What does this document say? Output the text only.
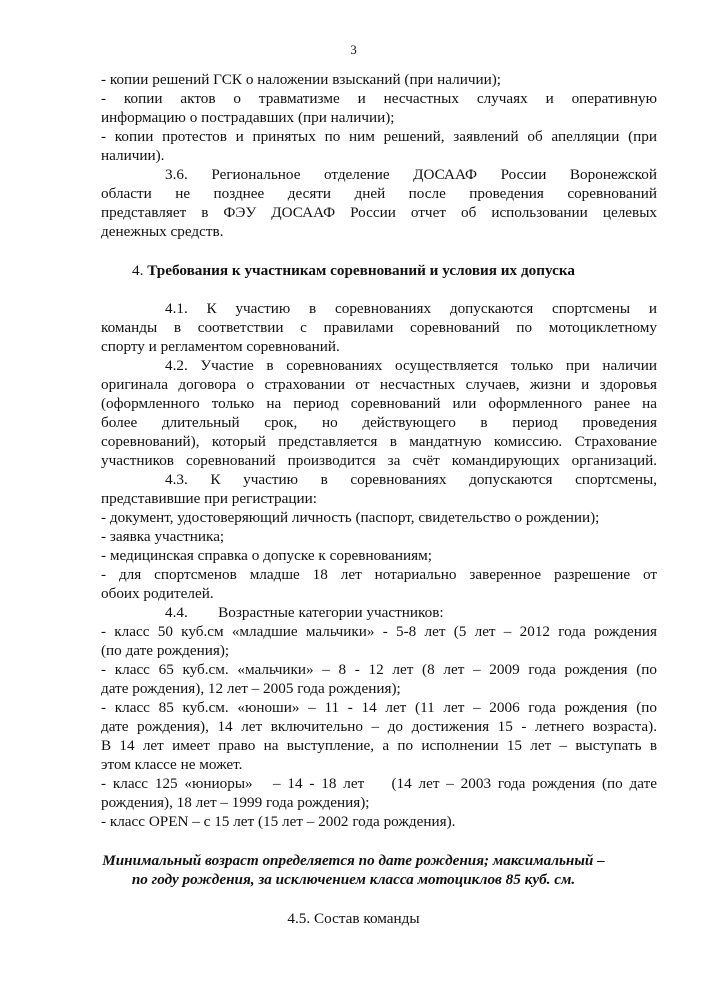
3
- копии решений ГСК о наложении взысканий (при наличии);
- копии актов о травматизме и несчастных случаях и оперативную
информацию о пострадавших (при наличии);
- копии протестов и принятых по ним решений, заявлений об апелляции (при
наличии).
3.6. Региональное отделение ДОСААФ России Воронежской
области не позднее десяти дней после проведения соревнований
представляет в ФЭУ ДОСААФ России отчет об использовании целевых
денежных средств.
4. Требования к участникам соревнований и условия их допуска
4.1. К участию в соревнованиях допускаются спортсмены и
команды в соответствии с правилами соревнований по мотоциклетному
спорту и регламентом соревнований.
4.2. Участие в соревнованиях осуществляется только при наличии
оригинала договора о страховании от несчастных случаев, жизни и здоровья
(оформленного только на период соревнований или оформленного ранее на
более длительный срок, но действующего в период проведения
соревнований), который представляется в мандатную комиссию. Страхование
участников соревнований производится за счёт командирующих организаций.
4.3. К участию в соревнованиях допускаются спортсмены,
представившие при регистрации:
- документ, удостоверяющий личность (паспорт, свидетельство о рождении);
- заявка участника;
- медицинская справка о допуске к соревнованиям;
- для спортсменов младше 18 лет нотариально заверенное разрешение от
обоих родителей.
4.4.        Возрастные категории участников:
- класс 50 куб.см «младшие мальчики» - 5-8 лет (5 лет – 2012 года рождения
(по дате рождения);
- класс 65 куб.см. «мальчики» – 8 - 12 лет (8 лет – 2009 года рождения (по
дате рождения), 12 лет – 2005 года рождения);
- класс 85 куб.см. «юноши» – 11 - 14 лет (11 лет – 2006 года рождения (по
дате рождения), 14 лет включительно – до достижения 15 - летнего возраста).
В 14 лет имеет право на выступление, а по исполнении 15 лет – выступать в
этом классе не может.
- класс 125 «юниоры»   – 14 - 18 лет    (14 лет – 2003 года рождения (по дате
рождения), 18 лет – 1999 года рождения);
- класс OPEN – с 15 лет (15 лет – 2002 года рождения).
Минимальный возраст определяется по дате рождения; максимальный –
по году рождения, за исключением класса мотоциклов 85 куб. см.
4.5. Состав команды
